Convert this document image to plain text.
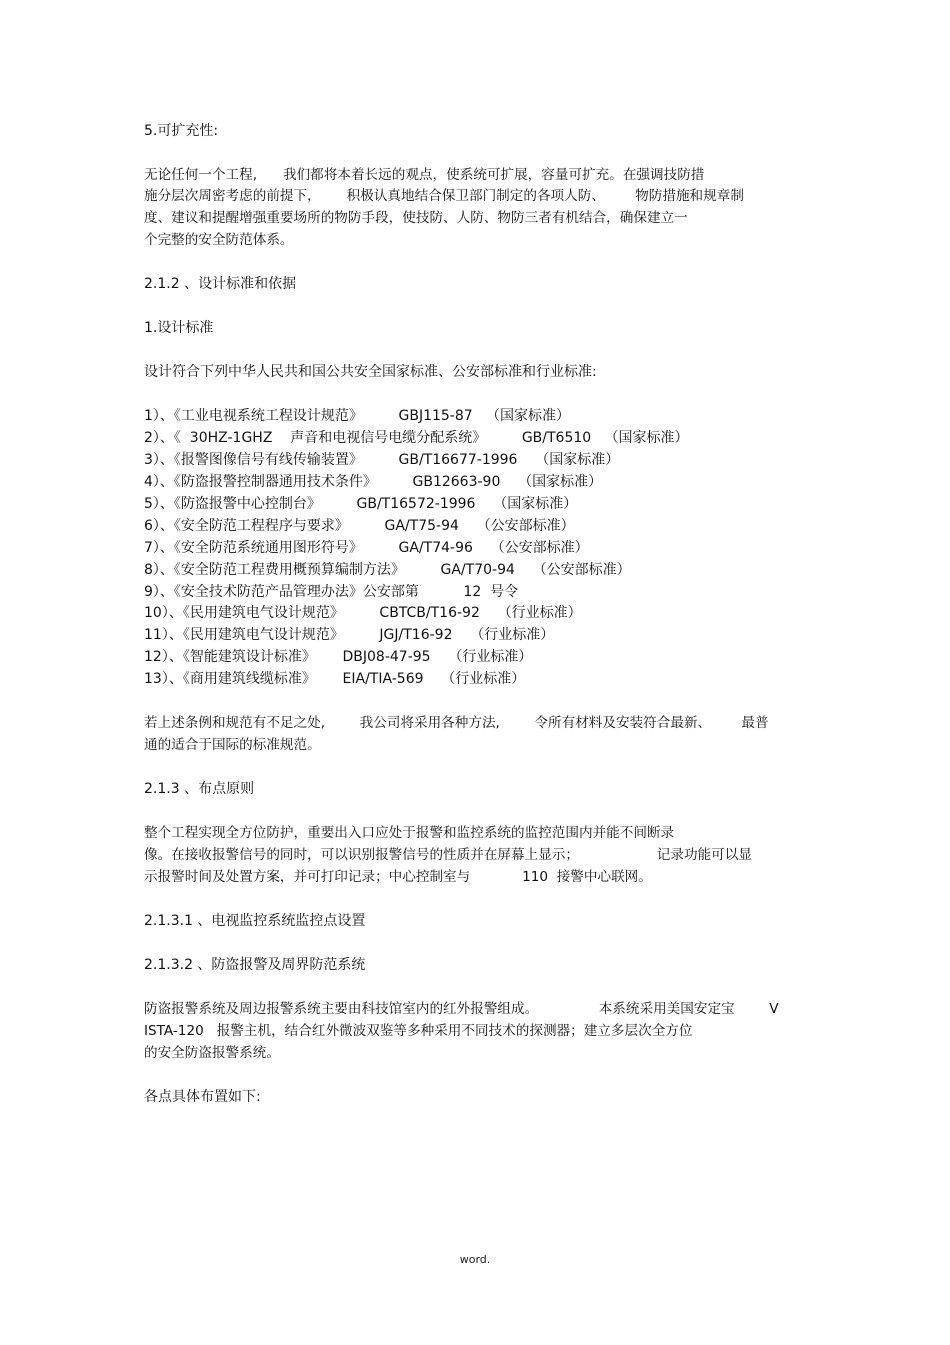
5.可扩充性:
无论任何一个工程,      我们都将本着长远的观点，使系统可扩展，容量可扩充。在强调技防措
施分层次周密考虑的前提下，      积极认真地结合保卫部门制定的各项人防、       物防措施和规章制
度、建议和提醒增强重要场所的物防手段，使技防、人防、物防三者有机结合，确保建立一
个完整的安全防范体系。
2.1.2 、设计标准和依据
1.设计标准
设计符合下列中华人民共和国公共安全国家标准、公安部标准和行业标准:
1）、《工业电视系统工程设计规范》        GBJ115-87   （国家标准）
2）、《  30HZ-1GHZ    声音和电视信号电缆分配系统》        GB/T6510   （国家标准）
3）、《报警图像信号有线传输装置》        GB/T16677-1996    （国家标准）
4）、《防盗报警控制器通用技术条件》        GB12663-90    （国家标准）
5）、《防盗报警中心控制台》        GB/T16572-1996    （国家标准）
6）、《安全防范工程程序与要求》        GA/T75-94    （公安部标准）
7）、《安全防范系统通用图形符号》        GA/T74-96    （公安部标准）
8）、《安全防范工程费用概预算编制方法》        GA/T70-94    （公安部标准）
9）、《安全技术防范产品管理办法》公安部第          12  号令
10）、《民用建筑电气设计规范》        CBTCB/T16-92    （行业标准）
11）、《民用建筑电气设计规范》        JGJ/T16-92    （行业标准）
12）、《智能建筑设计标准》      DBJ08-47-95    （行业标准）
13）、《商用建筑线缆标准》      EIA/TIA-569    （行业标准）
若上述条例和规范有不足之处,        我公司将采用各种方法,        令所有材料及安装符合最新、       最普
通的适合于国际的标准规范。
2.1.3 、布点原则
整个工程实现全方位防护，重要出入口应处于报警和监控系统的监控范围内并能不间断录
像。在接收报警信号的同时，可以识别报警信号的性质并在屏幕上显示；                  记录功能可以显
示报警时间及处置方案，并可打印记录；中心控制室与            110  接警中心联网。
2.1.3.1 、电视监控系统监控点设置
2.1.3.2 、防盗报警及周界防范系统
防盗报警系统及周边报警系统主要由科技馆室内的红外报警组成。              本系统采用美国安定宝        V
ISTA-120   报警主机，结合红外微波双鉴等多种采用不同技术的探测器；建立多层次全方位
的安全防盗报警系统。
各点具体布置如下:
word.
